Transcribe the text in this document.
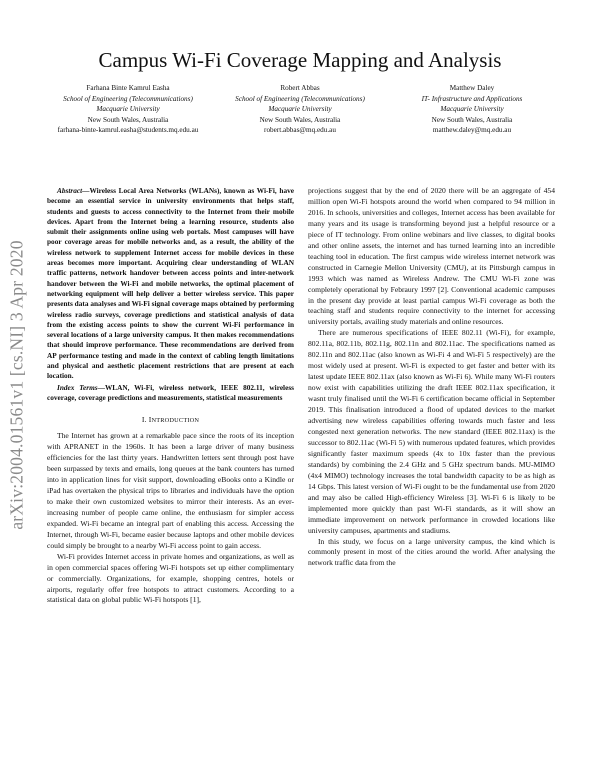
arXiv:2004.01561v1 [cs.NI] 3 Apr 2020
Campus Wi-Fi Coverage Mapping and Analysis
Farhana Binte Kamrul Easha
School of Engineering (Telecommunications)
Macquarie University
New South Wales, Australia
farhana-binte-kamrul.easha@students.mq.edu.au
Robert Abbas
School of Engineering (Telecommunications)
Macquarie University
New South Wales, Australia
robert.abbas@mq.edu.au
Matthew Daley
IT- Infrastructure and Applications
Macquarie University
New South Wales, Australia
matthew.daley@mq.edu.au

Abstract—Wireless Local Area Networks (WLANs), known as Wi-Fi, have become an essential service in university environments that helps staff, students and guests to access connectivity to the Internet from their mobile devices. Apart from the Internet being a learning resource, students also submit their assignments online using web portals. Most campuses will have poor coverage areas for mobile networks and, as a result, the ability of the wireless network to supplement Internet access for mobile devices in these areas becomes more important. Acquiring clear understanding of WLAN traffic patterns, network handover between access points and inter-network handover between the Wi-Fi and mobile networks, the optimal placement of networking equipment will help deliver a better wireless service. This paper presents data analyses and Wi-Fi signal coverage maps obtained by performing wireless radio surveys, coverage predictions and statistical analysis of data from the existing access points to show the current Wi-Fi performance in several locations of a large university campus. It then makes recommendations that should improve performance. These recommendations are derived from AP performance testing and made in the context of cabling length limitations and physical and aesthetic placement restrictions that are present at each location.

Index Terms—WLAN, Wi-Fi, wireless network, IEEE 802.11, wireless coverage, coverage predictions and measurements, statistical measurements

I. INTRODUCTION

The Internet has grown at a remarkable pace since the roots of its inception with APRANET in the 1960s. It has been a large driver of many business efficiencies for the last thirty years. Handwritten letters sent through post have been surpassed by texts and emails, long queues at the bank counters has turned into in application lines for visit support, downloading eBooks onto a Kindle or iPad has overtaken the physical trips to libraries and individuals have the option to make their own customized websites to mirror their interests. As an ever-increasing number of people came online, the enthusiasm for simpler access expanded. Wi-Fi became an integral part of enabling this access. Accessing the Internet, through Wi-Fi, became easier because laptops and other mobile devices could simply be brought to a nearby Wi-Fi access point to gain access.

Wi-Fi provides Internet access in private homes and organizations, as well as in open commercial spaces offering Wi-Fi hotspots set up either complimentary or commercially. Organizations, for example, shopping centres, hotels or airports, regularly offer free hotspots to attract customers. According to a statistical data on global public Wi-Fi hotspots [1],

projections suggest that by the end of 2020 there will be an aggregate of 454 million open Wi-Fi hotspots around the world when compared to 94 million in 2016. In schools, universities and colleges, Internet access has been available for many years and its usage is transforming beyond just a helpful resource or a piece of IT technology. From online webinars and live classes, to digital books and other online assets, the internet and has turned learning into an incredible teaching tool in education. The first campus wide wireless internet network was constructed in Carnegie Mellon University (CMU), at its Pittsburgh campus in 1993 which was named as Wireless Andrew. The CMU Wi-Fi zone was completely operational by Febraury 1997 [2]. Conventional academic campuses in the present day provide at least partial campus Wi-Fi coverage as both the teaching staff and students require connectivity to the internet for accessing university portals, availing study materials and online resources.

There are numerous specifications of IEEE 802.11 (Wi-Fi), for example, 802.11a, 802.11b, 802.11g, 802.11n and 802.11ac. The specifications named as 802.11n and 802.11ac (also known as Wi-Fi 4 and Wi-Fi 5 respectively) are the most widely used at present. Wi-Fi is expected to get faster and better with its latest update IEEE 802.11ax (also known as Wi-Fi 6). While many Wi-Fi routers now exist with capabilities utilizing the draft IEEE 802.11ax specification, it wasnt truly finalised until the Wi-Fi 6 certification became official in September 2019. This finalisation introduced a flood of updated devices to the market advertising new wireless capabilities offering towards much faster and less congested next generation networks. The new standard (IEEE 802.11ax) is the successor to 802.11ac (Wi-Fi 5) with numerous updated features, which provides significantly faster maximum speeds (4x to 10x faster than the previous standards) by combining the 2.4 GHz and 5 GHz spectrum bands. MU-MIMO (4x4 MIMO) technology increases the total bandwidth capacity to be as high as 14 Gbps. This latest version of Wi-Fi ought to be the fundamental use from 2020 and may also be called High-efficiency Wireless [3]. Wi-Fi 6 is likely to be implemented more quickly than past Wi-Fi standards, as it will show an immediate improvement on network performance in crowded locations like university campuses, apartments and stadiums.

In this study, we focus on a large university campus, the kind which is commonly present in most of the cities around the world. After analysing the network traffic data from the
